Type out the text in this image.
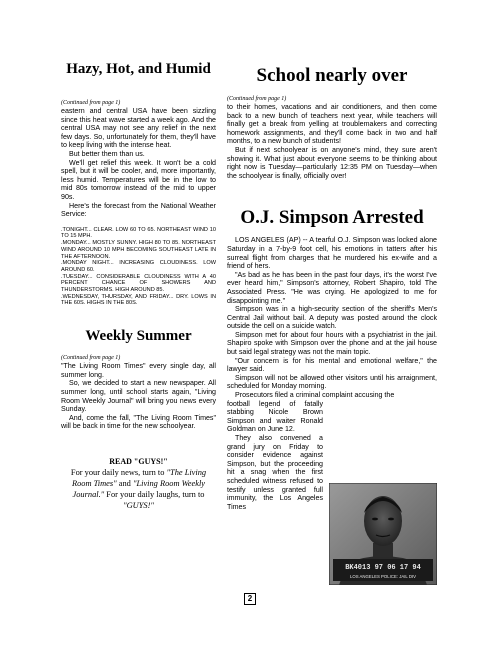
Hazy, Hot, and Humid

(Continued from page 1)

eastern and central USA have been sizzling since this heat wave started a week ago. And the central USA may not see any relief in the next few days. So, unfortunately for them, they'll have to keep living with the intense heat.

But better them than us.

We'll get relief this week. It won't be a cold spell, but it will be cooler, and, more importantly, less humid. Temperatures will be in the low to mid 80s tomorrow instead of the mid to upper 90s.

Here's the forecast from the National Weather Service:

.TONIGHT... CLEAR. LOW 60 TO 65. NORTHEAST WIND 10 TO 15 MPH.

.MONDAY... MOSTLY SUNNY. HIGH 80 TO 85. NORTHEAST WIND AROUND 10 MPH BECOMING SOUTHEAST LATE IN THE AFTERNOON.

.MONDAY NIGHT... INCREASING CLOUDINESS. LOW AROUND 60.

.TUESDAY... CONSIDERABLE CLOUDINESS WITH A 40 PERCENT CHANCE OF SHOWERS AND THUNDERSTORMS. HIGH AROUND 85.

.WEDNESDAY, THURSDAY, AND FRIDAY... DRY. LOWS IN THE 60S. HIGHS IN THE 80S.

Weekly Summer

(Continued from page 1)

"The Living Room Times" every single day, all summer long.

So, we decided to start a new newspaper. All summer long, until school starts again, "Living Room Weekly Journal" will bring you news every Sunday.

And, come the fall, "The Living Room Times" will be back in time for the new schoolyear.

READ "GUYS!"
For your daily news, turn to "The Living Room Times" and "Living Room Weekly Journal." For your daily laughs, turn to "GUYS!"
School nearly over

(Continued from page 1)

to their homes, vacations and air conditioners, and then come back to a new bunch of teachers next year, while teachers will finally get a break from yelling at troublemakers and correcting homework assignments, and they'll come back in two and half months, to a new bunch of students!

But if next schoolyear is on anyone's mind, they sure aren't showing it. What just about everyone seems to be thinking about right now is Tuesday—particularly 12:35 PM on Tuesday—when the schoolyear is finally, officially over!

O.J. Simpson Arrested

LOS ANGELES (AP) -- A tearful O.J. Simpson was locked alone Saturday in a 7-by-9 foot cell, his emotions in tatters after his surreal flight from charges that he murdered his ex-wife and a friend of hers.

"As bad as he has been in the past four days, it's the worst I've ever heard him," Simpson's attorney, Robert Shapiro, told The Associated Press. "He was crying. He apologized to me for disappointing me."

Simpson was in a high-security section of the sheriff's Men's Central Jail without bail. A deputy was posted around the clock outside the cell on a suicide watch.

Simpson met for about four hours with a psychiatrist in the jail. Shapiro spoke with Simpson over the phone and at the jail house but said legal strategy was not the main topic.

"Our concern is for his mental and emotional welfare," the lawyer said.

Simpson will not be allowed other visitors until his arraignment, scheduled for Monday morning.

Prosecutors filed a criminal complaint accusing the

football legend of fatally stabbing Nicole Brown Simpson and waiter Ronald Goldman on June 12.

They also convened a grand jury on Friday to consider evidence against Simpson, but the proceeding hit a snag when the first scheduled witness refused to testify unless granted full immunity, the Los Angeles Times

BK4013 97 06 17 94
LOS ANGELES POLICE: JAIL DIV
2
